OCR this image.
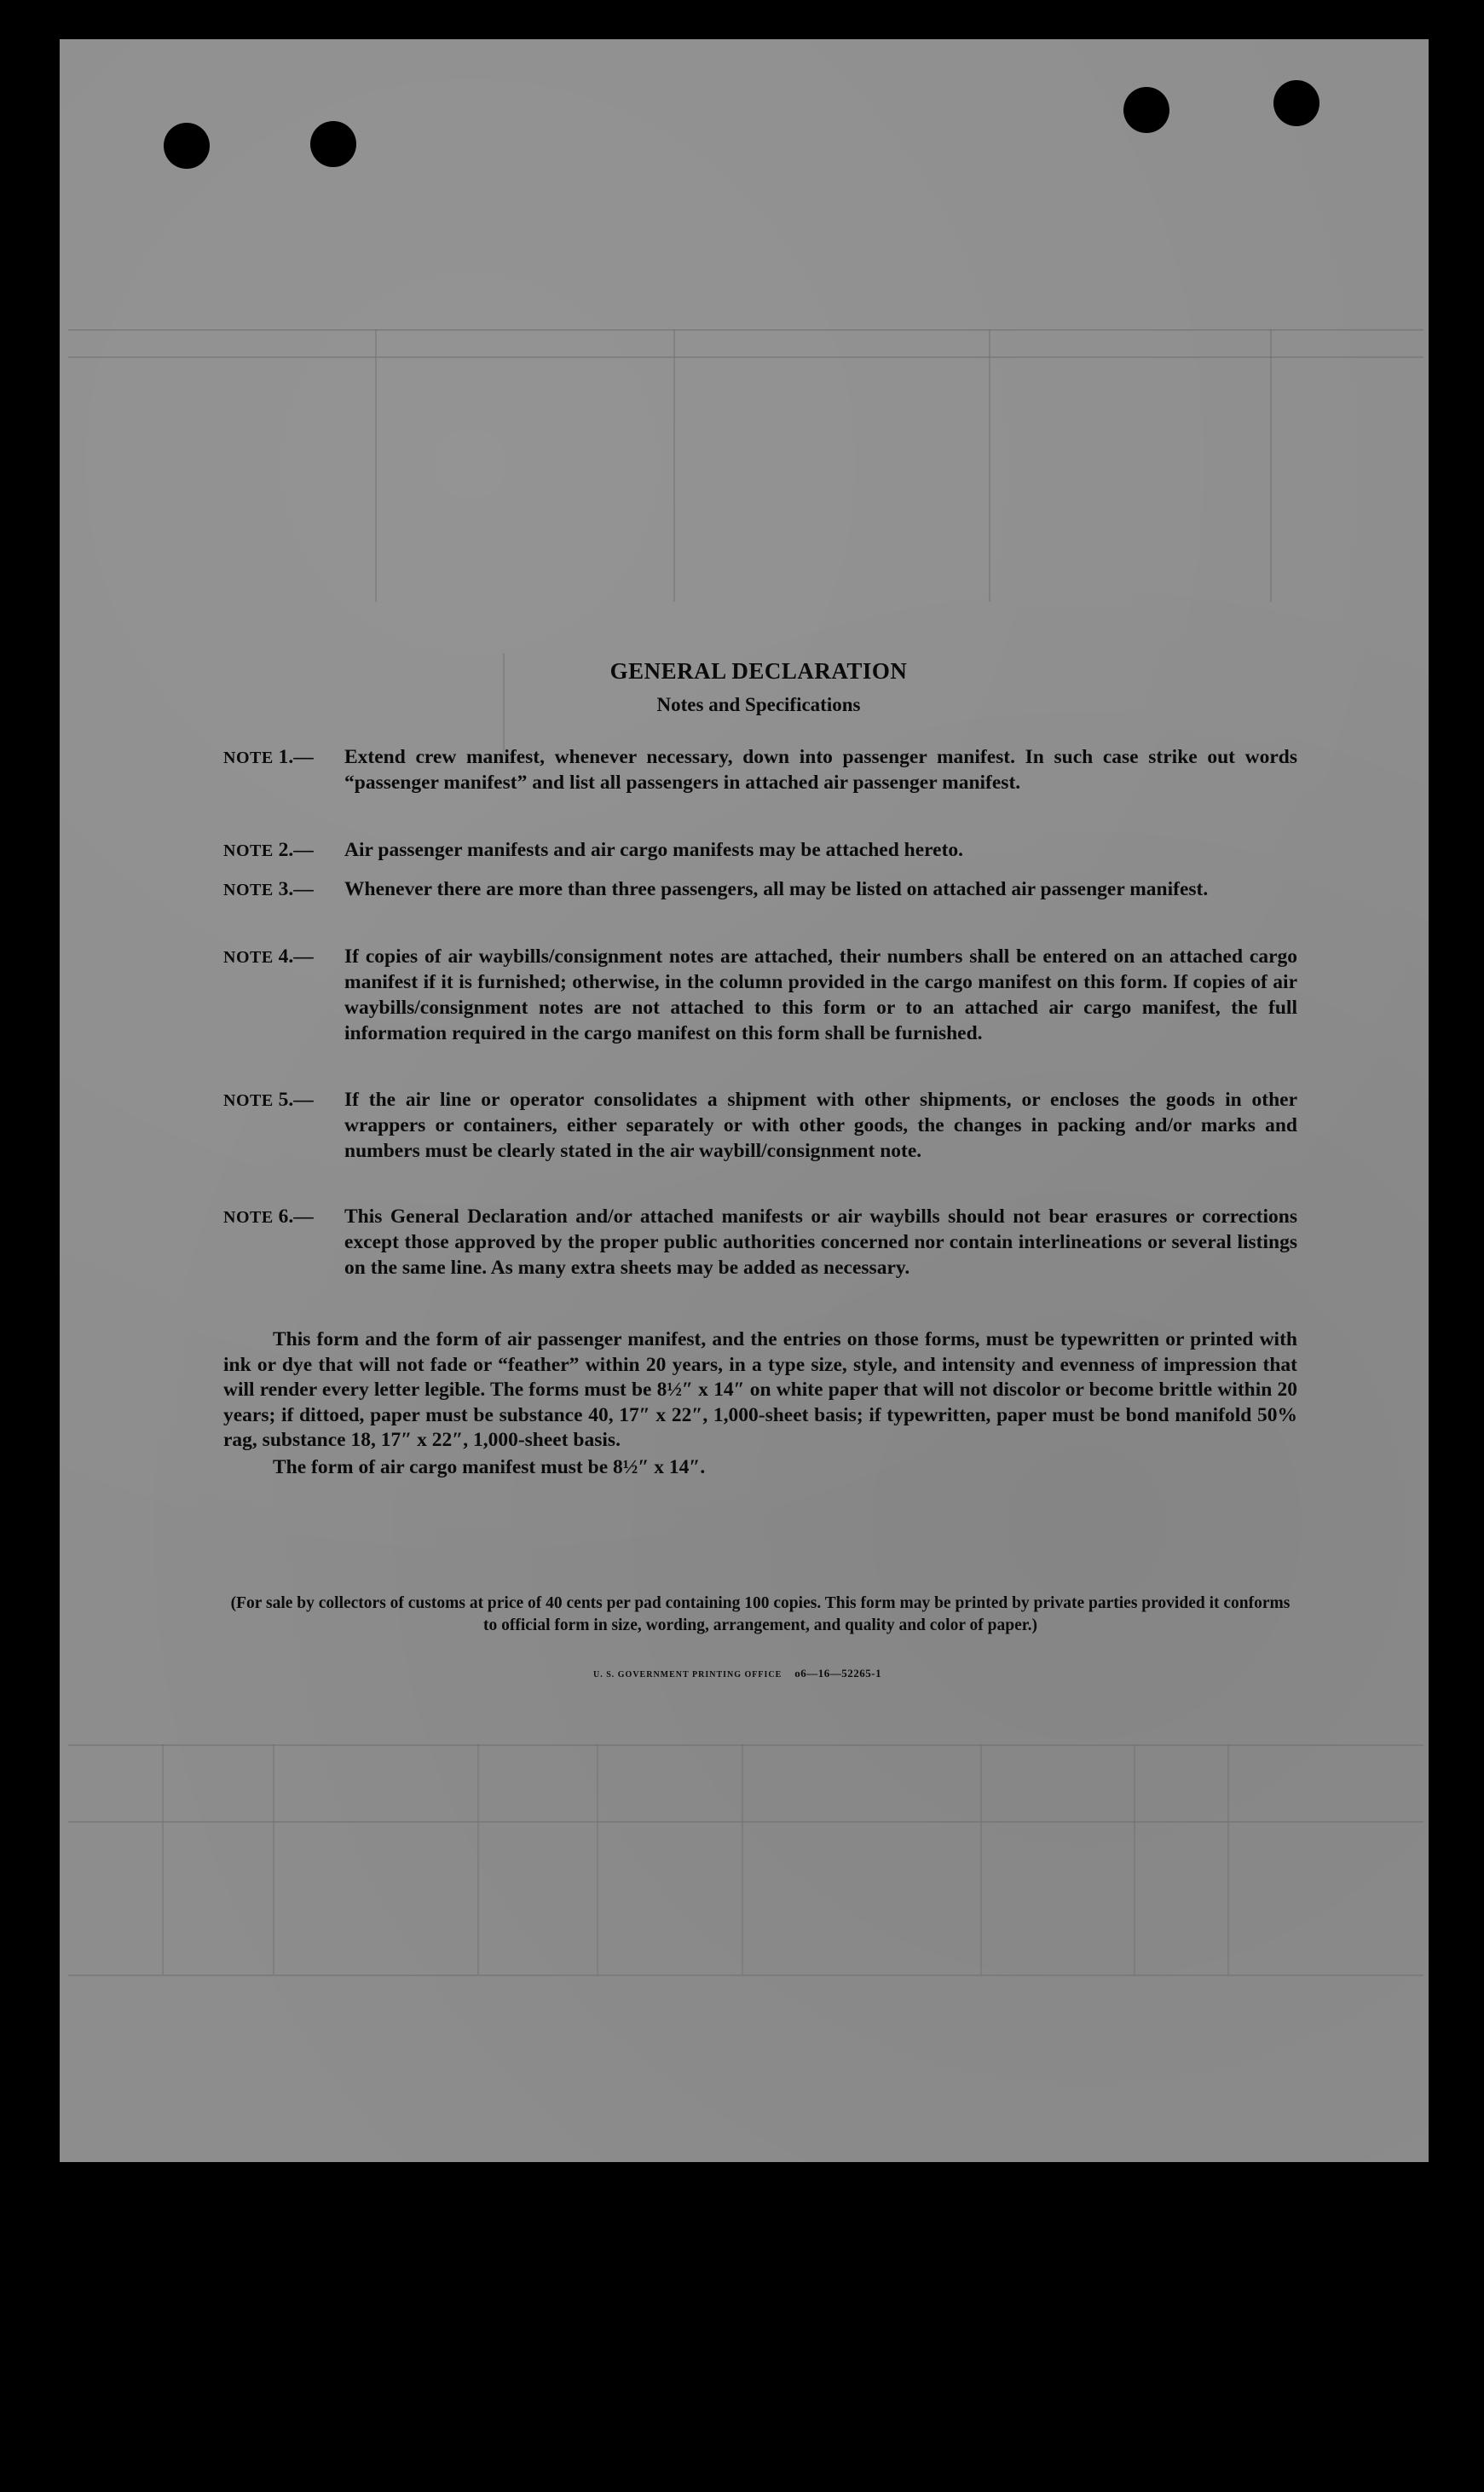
GENERAL DECLARATION
Notes and Specifications
NOTE 1.—	Extend crew manifest, whenever necessary, down into passenger manifest. In such case strike out words “passenger manifest” and list all passengers in attached air passenger manifest.
NOTE 2.—	Air passenger manifests and air cargo manifests may be attached hereto.
NOTE 3.—	Whenever there are more than three passengers, all may be listed on attached air passenger manifest.
NOTE 4.—	If copies of air waybills/consignment notes are attached, their numbers shall be entered on an attached cargo manifest if it is furnished; otherwise, in the column provided in the cargo manifest on this form. If copies of air waybills/consignment notes are not attached to this form or to an attached air cargo manifest, the full information required in the cargo manifest on this form shall be furnished.
NOTE 5.—	If the air line or operator consolidates a shipment with other shipments, or encloses the goods in other wrappers or containers, either separately or with other goods, the changes in packing and/or marks and numbers must be clearly stated in the air waybill/consignment note.
NOTE 6.—	This General Declaration and/or attached manifests or air waybills should not bear erasures or corrections except those approved by the proper public authorities concerned nor contain interlineations or several listings on the same line. As many extra sheets may be added as necessary.
This form and the form of air passenger manifest, and the entries on those forms, must be typewritten or printed with ink or dye that will not fade or “feather” within 20 years, in a type size, style, and intensity and evenness of impression that will render every letter legible. The forms must be 8½″ x 14″ on white paper that will not discolor or become brittle within 20 years; if dittoed, paper must be substance 40, 17″ x 22″, 1,000-sheet basis; if typewritten, paper must be bond manifold 50% rag, substance 18, 17″ x 22″, 1,000-sheet basis.
The form of air cargo manifest must be 8½″ x 14″.
(For sale by collectors of customs at price of 40 cents per pad containing 100 copies. This form may be printed by private parties provided it conforms to official form in size, wording, arrangement, and quality and color of paper.)
U. S. GOVERNMENT PRINTING OFFICE o6—16—52265-1
